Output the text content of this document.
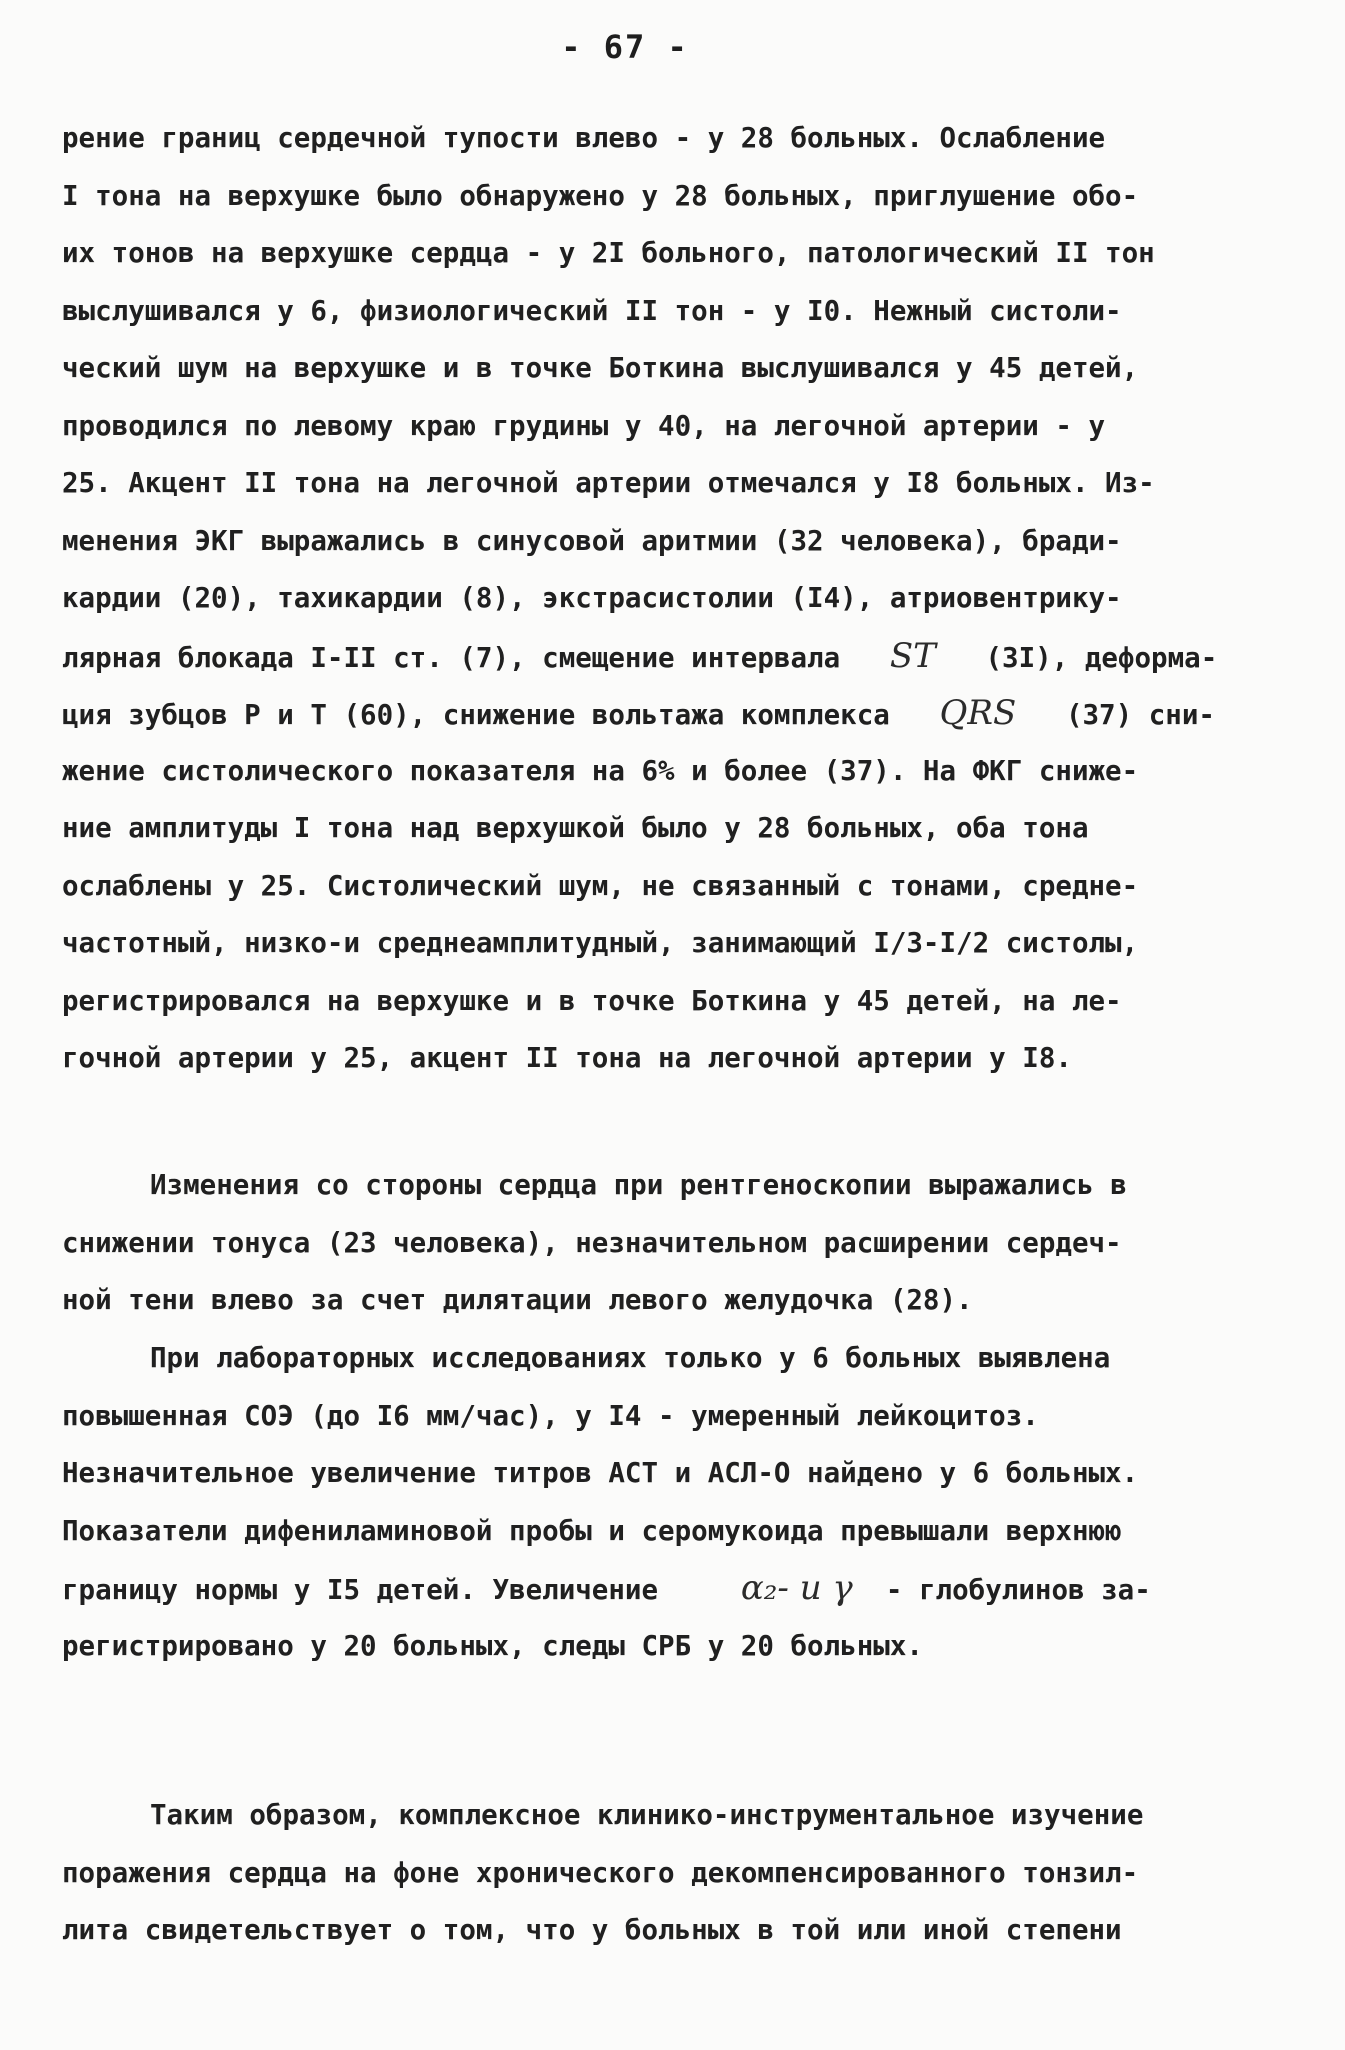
- 67 -
рение границ сердечной тупости влево - у 28 больных. Ослабление
I тона на верхушке было обнаружено у 28 больных, приглушение обо-
их тонов на верхушке сердца - у 2I больного, патологический II тон
выслушивался у 6, физиологический II тон - у I0. Нежный систоли-
ческий шум на верхушке и в точке Боткина выслушивался у 45 детей,
проводился по левому краю грудины у 40, на легочной артерии - у
25. Акцент II тона на легочной артерии отмечался у I8 больных. Из-
менения ЭКГ выражались в синусовой аритмии (32 человека), бради-
кардии (20), тахикардии (8), экстрасистолии (I4), атриовентрику-
лярная блокада I-II ст. (7), смещение интервала ST (3I), деформа-
ция зубцов Р и Т (60), снижение вольтажа комплекса QRS (37) сни-
жение систолического показателя на 6% и более (37). На ФКГ сниже-
ние амплитуды I тона над верхушкой было у 28 больных, оба тона
ослаблены у 25. Систолический шум, не связанный с тонами, средне-
частотный, низко-и среднеамплитудный, занимающий I/3-I/2 систолы,
регистрировался на верхушке и в точке Боткина у 45 детей, на ле-
гочной артерии у 25, акцент II тона на легочной артерии у I8.
Изменения со стороны сердца при рентгеноскопии выражались в
снижении тонуса (23 человека), незначительном расширении сердеч-
ной тени влево за счет дилятации левого желудочка (28).
При лабораторных исследованиях только у 6 больных выявлена
повышенная СОЭ (до I6 мм/час), у I4 - умеренный лейкоцитоз.
Незначительное увеличение титров АСТ и АСЛ-О найдено у 6 больных.
Показатели дифениламиновой пробы и серомукоида превышали верхнюю
границу нормы у I5 детей. Увеличение α₂- и γ - глобулинов за-
регистрировано у 20 больных, следы СРБ у 20 больных.
Таким образом, комплексное клинико-инструментальное изучение
поражения сердца на фоне хронического декомпенсированного тонзил-
лита свидетельствует о том, что у больных в той или иной степени
